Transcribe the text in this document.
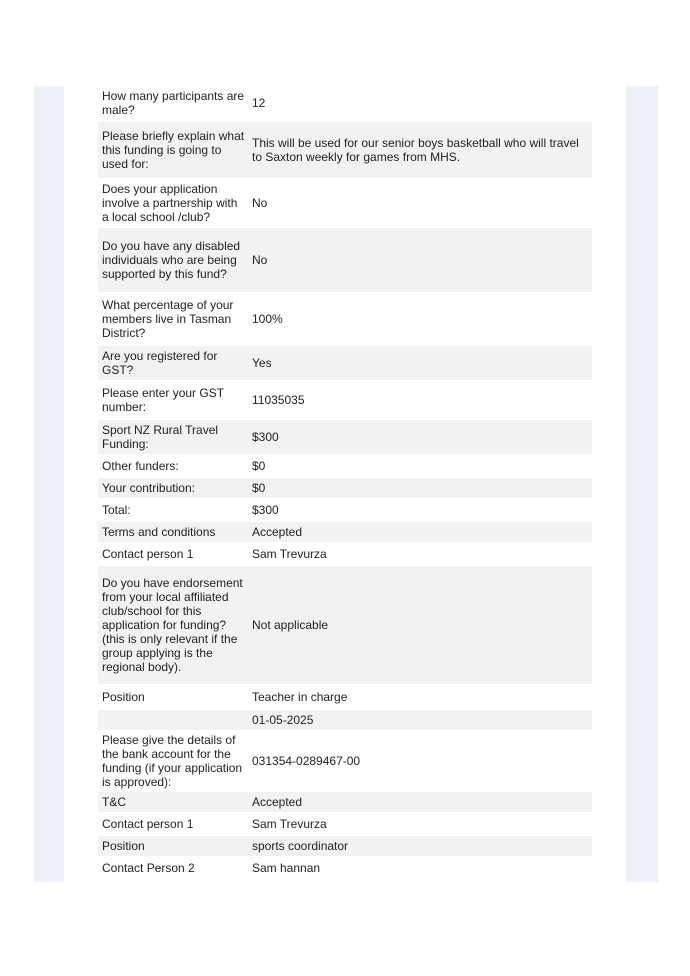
How many participants are male?	12
Please briefly explain what this funding is going to used for:	This will be used for our senior boys basketball who will travel to Saxton weekly for games from MHS.
Does your application involve a partnership with a local school /club?	No
Do you have any disabled individuals who are being supported by this fund?	No
What percentage of your members live in Tasman District?	100%
Are you registered for GST?	Yes
Please enter your GST number:	11035035
Sport NZ Rural Travel Funding:	$300
Other funders:	$0
Your contribution:	$0
Total:	$300
Terms and conditions	Accepted
Contact person 1	Sam Trevurza
Do you have endorsement from your local affiliated club/school for this application for funding? (this is only relevant if the group applying is the regional body).	Not applicable
Position	Teacher in charge
	01-05-2025
Please give the details of the bank account for the funding (if your application is approved):	031354-0289467-00
T&C	Accepted
Contact person 1	Sam Trevurza
Position	sports coordinator
Contact Person 2	Sam hannan
